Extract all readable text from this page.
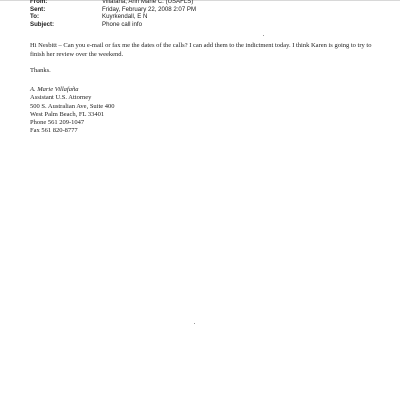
From:	Villafana, Ann Marie C. (USAFLS)
Sent:	Friday, February 22, 2008 2:07 PM
To:	Kuyrkendall, E N
Subject:	Phone call info

Hi Nesbitt – Can you e-mail or fax me the dates of the calls? I can add them to the indictment today. I think Karen is going to try to finish her review over the weekend.

Thanks.

A. Marie Villafaña
Assistant U.S. Attorney
500 S. Australian Ave, Suite 400
West Palm Beach, FL 33401
Phone 561 209-1047
Fax 561 820-8777
